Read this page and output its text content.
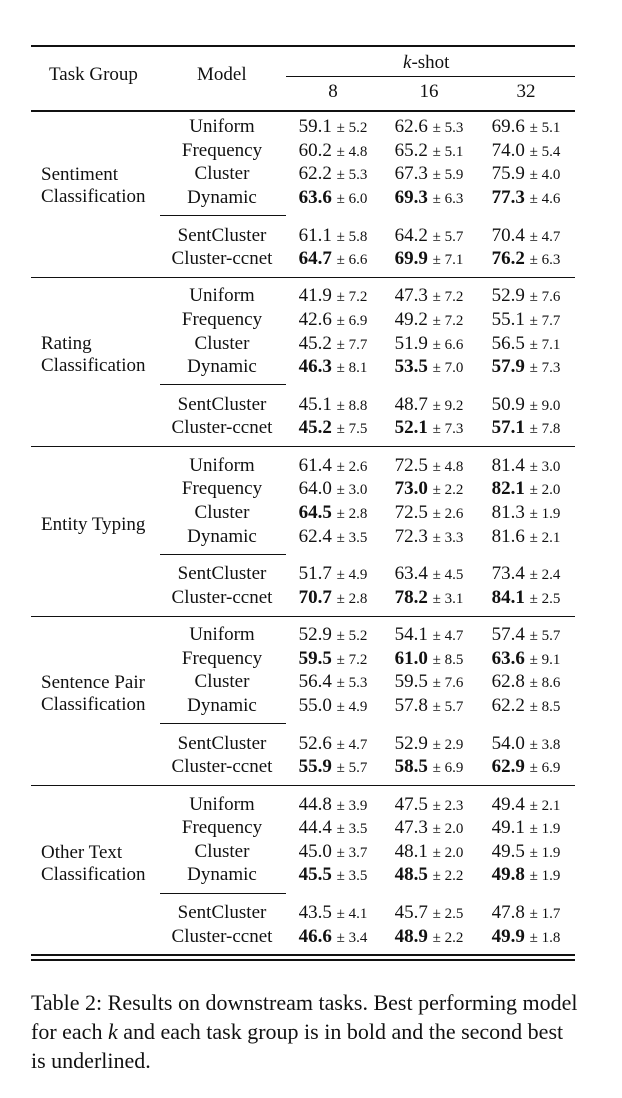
Task Group	Model
k-shot
8	16	32
Sentiment
Classification
Uniform 59.1 ± 5.2 62.6 ± 5.3 69.6 ± 5.1
Frequency 60.2 ± 4.8 65.2 ± 5.1 74.0 ± 5.4
Cluster	62.2 ± 5.3 67.3 ± 5.9 75.9 ± 4.0
Dynamic 63.6 ± 6.0 69.3 ± 6.3 77.3 ± 4.6
SentCluster 61.1 ± 5.8 64.2 ± 5.7 70.4 ± 4.7
Cluster-ccnet 64.7 ± 6.6 69.9 ± 7.1 76.2 ± 6.3
Rating
Classification
Uniform 41.9 ± 7.2 47.3 ± 7.2 52.9 ± 7.6
Frequency 42.6 ± 6.9 49.2 ± 7.2 55.1 ± 7.7
Cluster	45.2 ± 7.7 51.9 ± 6.6 56.5 ± 7.1
Dynamic 46.3 ± 8.1 53.5 ± 7.0 57.9 ± 7.3
SentCluster 45.1 ± 8.8 48.7 ± 9.2 50.9 ± 9.0
Cluster-ccnet 45.2 ± 7.5 52.1 ± 7.3 57.1 ± 7.8
Entity Typing
Uniform 61.4 ± 2.6 72.5 ± 4.8 81.4 ± 3.0
Frequency 64.0 ± 3.0 73.0 ± 2.2 82.1 ± 2.0
Cluster	64.5 ± 2.8 72.5 ± 2.6 81.3 ± 1.9
Dynamic 62.4 ± 3.5 72.3 ± 3.3 81.6 ± 2.1
SentCluster 51.7 ± 4.9 63.4 ± 4.5 73.4 ± 2.4
Cluster-ccnet 70.7 ± 2.8 78.2 ± 3.1 84.1 ± 2.5
Sentence Pair
Classification
Uniform 52.9 ± 5.2 54.1 ± 4.7 57.4 ± 5.7
Frequency 59.5 ± 7.2 61.0 ± 8.5 63.6 ± 9.1
Cluster	56.4 ± 5.3 59.5 ± 7.6 62.8 ± 8.6
Dynamic 55.0 ± 4.9 57.8 ± 5.7 62.2 ± 8.5
SentCluster 52.6 ± 4.7 52.9 ± 2.9 54.0 ± 3.8
Cluster-ccnet 55.9 ± 5.7 58.5 ± 6.9 62.9 ± 6.9
Other Text
Classification
Uniform 44.8 ± 3.9 47.5 ± 2.3 49.4 ± 2.1
Frequency 44.4 ± 3.5 47.3 ± 2.0 49.1 ± 1.9
Cluster	45.0 ± 3.7 48.1 ± 2.0 49.5 ± 1.9
Dynamic 45.5 ± 3.5 48.5 ± 2.2 49.8 ± 1.9
SentCluster 43.5 ± 4.1 45.7 ± 2.5 47.8 ± 1.7
Cluster-ccnet 46.6 ± 3.4 48.9 ± 2.2 49.9 ± 1.8
Table 2: Results on downstream tasks. Best performing model for each k and each task group is in bold and the second best is underlined.
